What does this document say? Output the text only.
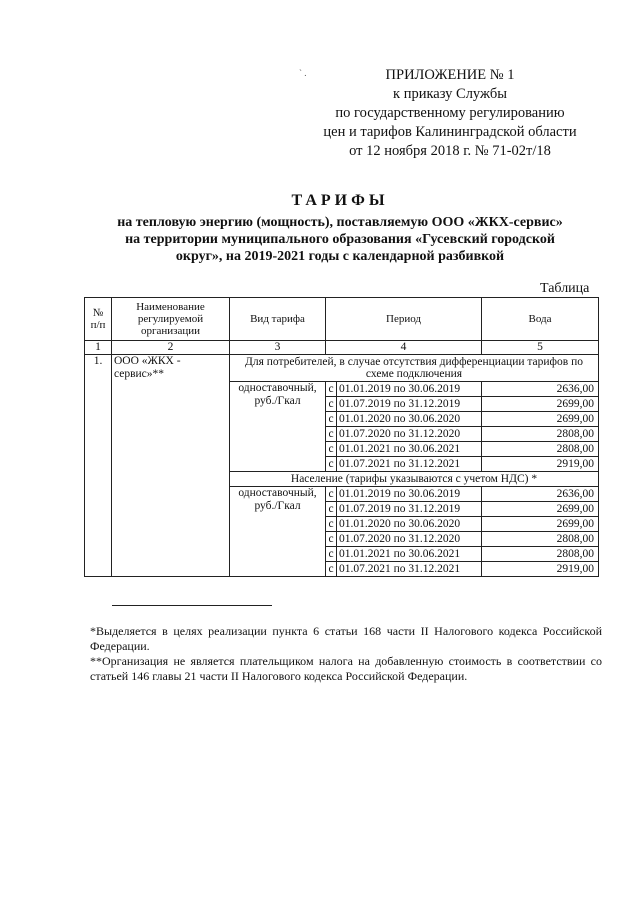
` .	ПРИЛОЖЕНИЕ № 1
к приказу Службы
по государственному регулированию
цен и тарифов Калининградской области
от 12 ноября 2018 г. № 71-02т/18
ТАРИФЫ
на тепловую энергию (мощность), поставляемую ООО «ЖКХ-сервис»
на территории муниципального образования «Гусевский городской
округ», на 2019-2021 годы с календарной разбивкой
Таблица
№ п/п	Наименование регулируемой организации	Вид тарифа	Период		Вода
1	2	3	4		5
1.	ООО «ЖКХ - сервис»**	Для потребителей, в случае отсутствия дифференциации тарифов по схеме подключения			
		одноставочный, руб./Гкал	с	01.01.2019 по 30.06.2019	2636,00
			с	01.07.2019 по 31.12.2019	2699,00
			с	01.01.2020 по 30.06.2020	2699,00
			с	01.07.2020 по 31.12.2020	2808,00
			с	01.01.2021 по 30.06.2021	2808,00
			с	01.07.2021 по 31.12.2021	2919,00
		Население (тарифы указываются с учетом НДС) *			
		одноставочный, руб./Гкал	с	01.01.2019 по 30.06.2019	2636,00
			с	01.07.2019 по 31.12.2019	2699,00
			с	01.01.2020 по 30.06.2020	2699,00
			с	01.07.2020 по 31.12.2020	2808,00
			с	01.01.2021 по 30.06.2021	2808,00
			с	01.07.2021 по 31.12.2021	2919,00

*Выделяется в целях реализации пункта 6 статьи 168 части II Налогового кодекса Российской Федерации.

**Организация не является плательщиком налога на добавленную стоимость в соответствии со статьей 146 главы 21 части II Налогового кодекса Российской Федерации.
